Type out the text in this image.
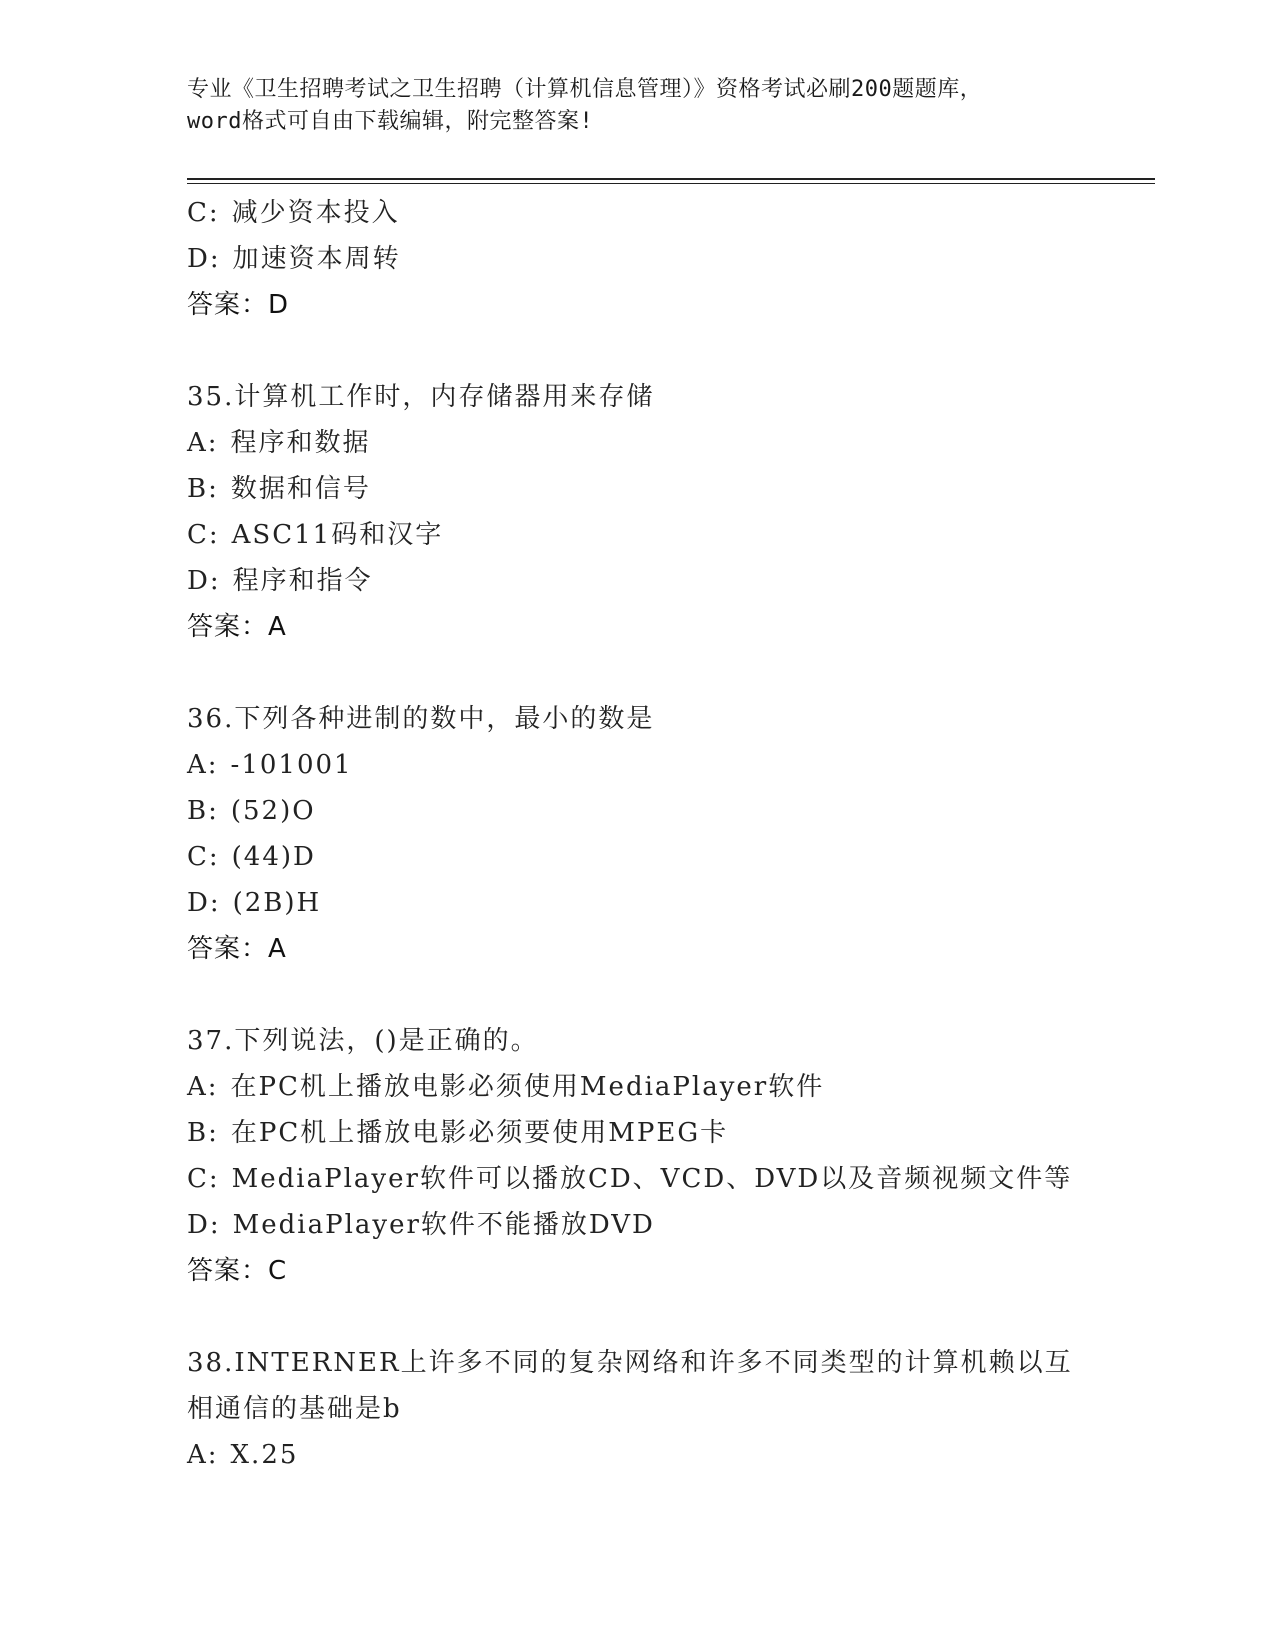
专业《卫生招聘考试之卫生招聘（计算机信息管理）》资格考试必刷200题题库，
word格式可自由下载编辑，附完整答案!
C: 减少资本投入
D: 加速资本周转
答案：D
35.计算机工作时，内存储器用来存储
A: 程序和数据
B: 数据和信号
C: ASC11码和汉字
D: 程序和指令
答案：A
36.下列各种进制的数中，最小的数是
A: -101001
B: (52)O
C: (44)D
D: (2B)H
答案：A
37.下列说法，()是正确的。
A: 在PC机上播放电影必须使用MediaPlayer软件
B: 在PC机上播放电影必须要使用MPEG卡
C: MediaPlayer软件可以播放CD、VCD、DVD以及音频视频文件等
D: MediaPlayer软件不能播放DVD
答案：C
38.INTERNER上许多不同的复杂网络和许多不同类型的计算机赖以互相通信的基础是b
A: X.25
